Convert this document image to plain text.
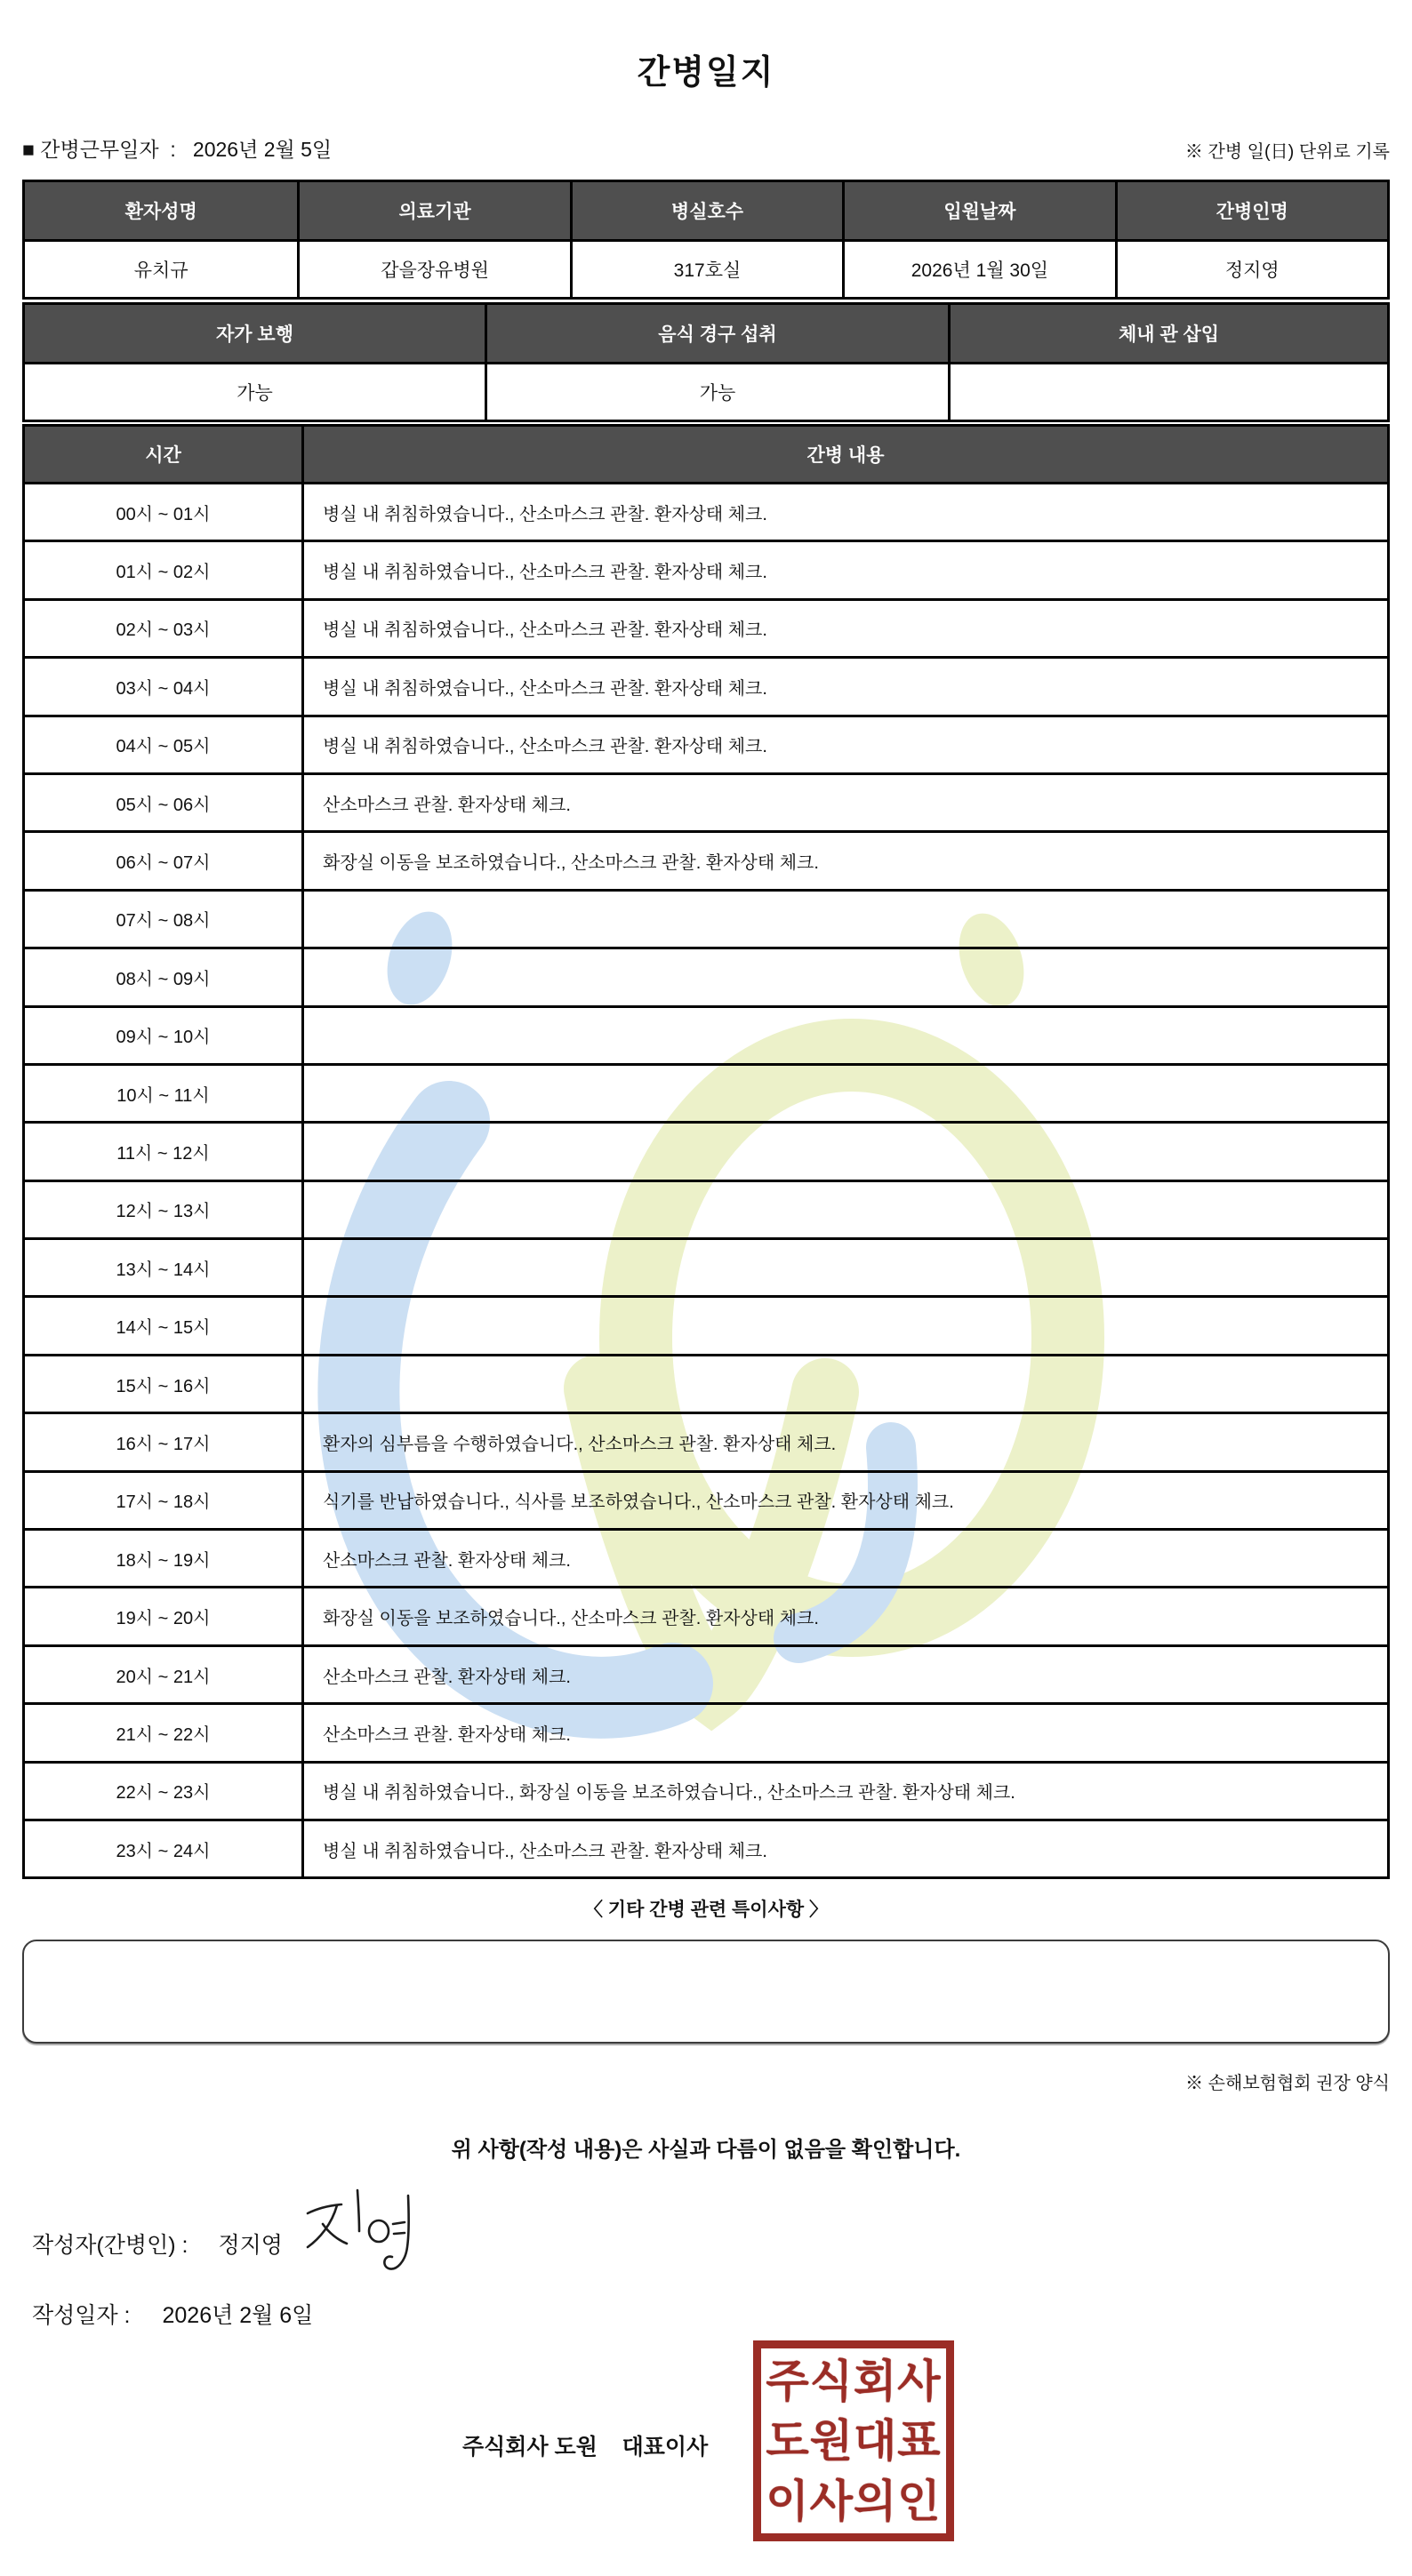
간병일지
■ 간병근무일자  :   2026년 2월 5일	※ 간병 일(日) 단위로 기록
환자성명	의료기관	병실호수	입원날짜	간병인명
유치규	갑을장유병원	317호실	2026년 1월 30일	정지영
자가 보행	음식 경구 섭취	체내 관 삽입
가능	가능
시간	간병 내용
00시 ~ 01시	병실 내 취침하였습니다., 산소마스크 관찰. 환자상태 체크.
01시 ~ 02시	병실 내 취침하였습니다., 산소마스크 관찰. 환자상태 체크.
02시 ~ 03시	병실 내 취침하였습니다., 산소마스크 관찰. 환자상태 체크.
03시 ~ 04시	병실 내 취침하였습니다., 산소마스크 관찰. 환자상태 체크.
04시 ~ 05시	병실 내 취침하였습니다., 산소마스크 관찰. 환자상태 체크.
05시 ~ 06시	산소마스크 관찰. 환자상태 체크.
06시 ~ 07시	화장실 이동을 보조하였습니다., 산소마스크 관찰. 환자상태 체크.
07시 ~ 08시
08시 ~ 09시
09시 ~ 10시
10시 ~ 11시
11시 ~ 12시
12시 ~ 13시
13시 ~ 14시
14시 ~ 15시
15시 ~ 16시
16시 ~ 17시	환자의 심부름을 수행하였습니다., 산소마스크 관찰. 환자상태 체크.
17시 ~ 18시	식기를 반납하였습니다., 식사를 보조하였습니다., 산소마스크 관찰. 환자상태 체크.
18시 ~ 19시	산소마스크 관찰. 환자상태 체크.
19시 ~ 20시	화장실 이동을 보조하였습니다., 산소마스크 관찰. 환자상태 체크.
20시 ~ 21시	산소마스크 관찰. 환자상태 체크.
21시 ~ 22시	산소마스크 관찰. 환자상태 체크.
22시 ~ 23시	병실 내 취침하였습니다., 화장실 이동을 보조하였습니다., 산소마스크 관찰. 환자상태 체크.
23시 ~ 24시	병실 내 취침하였습니다., 산소마스크 관찰. 환자상태 체크.
〈 기타 간병 관련 특이사항 〉
※ 손해보험협회 권장 양식
위 사항(작성 내용)은 사실과 다름이 없음을 확인합니다.
작성자(간병인) : 정지영
작성일자 : 2026년 2월 6일
주식회사 도원    대표이사
주식회사
도원대표
이사의인
